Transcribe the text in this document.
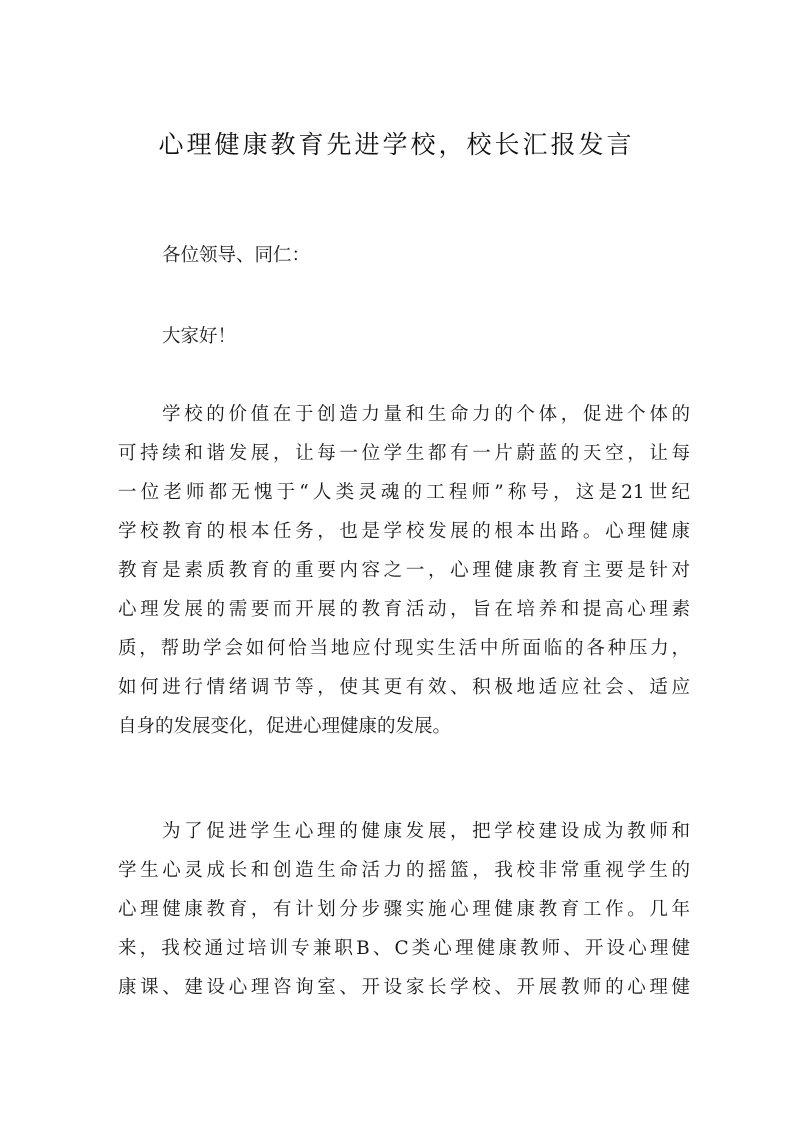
心理健康教育先进学校，校长汇报发言
各位领导、同仁：
大家好！
学校的价值在于创造力量和生命力的个体，促进个体的
可持续和谐发展，让每一位学生都有一片蔚蓝的天空，让每
一位老师都无愧于“人类灵魂的工程师”称号，这是21世纪
学校教育的根本任务，也是学校发展的根本出路。心理健康
教育是素质教育的重要内容之一，心理健康教育主要是针对
心理发展的需要而开展的教育活动，旨在培养和提高心理素
质，帮助学会如何恰当地应付现实生活中所面临的各种压力，
如何进行情绪调节等，使其更有效、积极地适应社会、适应
自身的发展变化，促进心理健康的发展。
为了促进学生心理的健康发展，把学校建设成为教师和
学生心灵成长和创造生命活力的摇篮，我校非常重视学生的
心理健康教育，有计划分步骤实施心理健康教育工作。几年
来，我校通过培训专兼职B、C类心理健康教师、开设心理健
康课、建设心理咨询室、开设家长学校、开展教师的心理健
